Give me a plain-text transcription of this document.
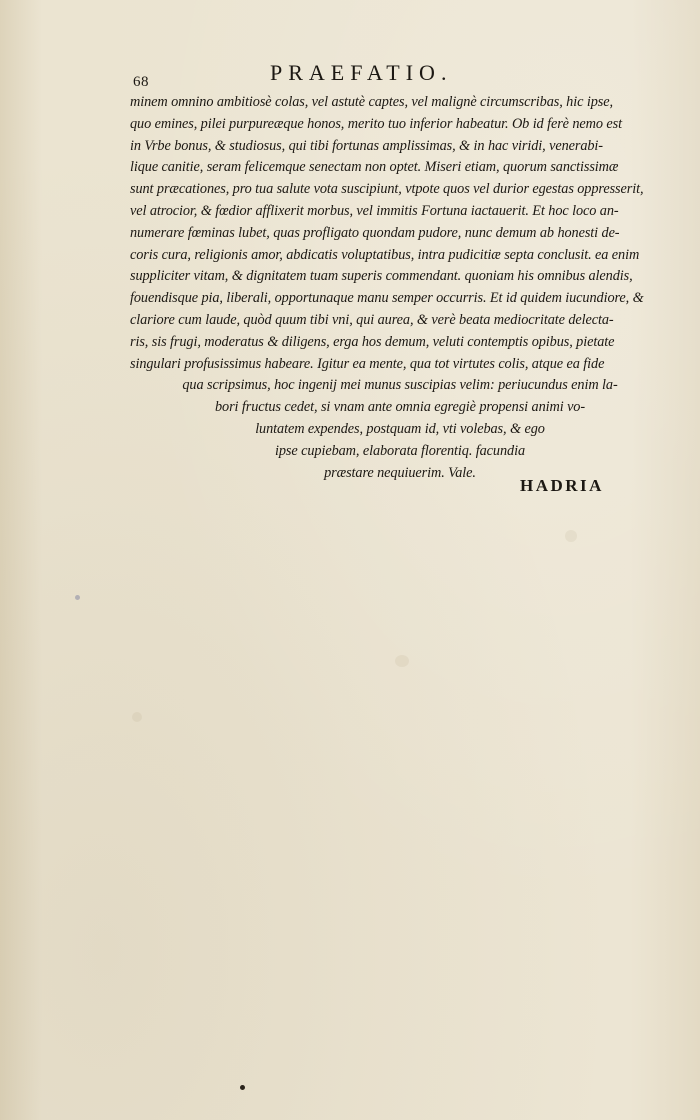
68	PRAEFATIO.
minem omnino ambitiosè colas, vel astutè captes, vel malignè circumscribas, hic ipse,
quo emines, pilei purpureæque honos, merito tuo inferior habeatur. Ob id ferè nemo est
in Vrbe bonus, & studiosus, qui tibi fortunas amplissimas, & in hac viridi, venerabi-
lique canitie, seram felicemque senectam non optet. Miseri etiam, quorum sanctissimæ
sunt præcationes, pro tua salute vota suscipiunt, vtpote quos vel durior egestas oppresserit,
vel atrocior, & fœdior afflixerit morbus, vel immitis Fortuna iactauerit. Et hoc loco an-
numerare fœminas lubet, quas profligato quondam pudore, nunc demum ab honesti de-
coris cura, religionis amor, abdicatis voluptatibus, intra pudicitiæ septa conclusit. ea enim
suppliciter vitam, & dignitatem tuam superis commendant. quoniam his omnibus alendis,
fouendisque pia, liberali, opportunaque manu semper occurris. Et id quidem iucundiore, &
clariore cum laude, quòd quum tibi vni, qui aurea, & verè beata mediocritate delecta-
ris, sis frugi, moderatus & diligens, erga hos demum, veluti contemptis opibus, pietate
singulari profusissimus habeare. Igitur ea mente, qua tot virtutes colis, atque ea fide
qua scripsimus, hoc ingenij mei munus suscipias velim: periucundus enim la-
bori fructus cedet, si vnam ante omnia egregiè propensi animi vo-
luntatem expendes, postquam id, vti volebas, & ego
ipse cupiebam, elaborata florentiq. facundia
præstare nequiuerim. Vale.
HADRIA
